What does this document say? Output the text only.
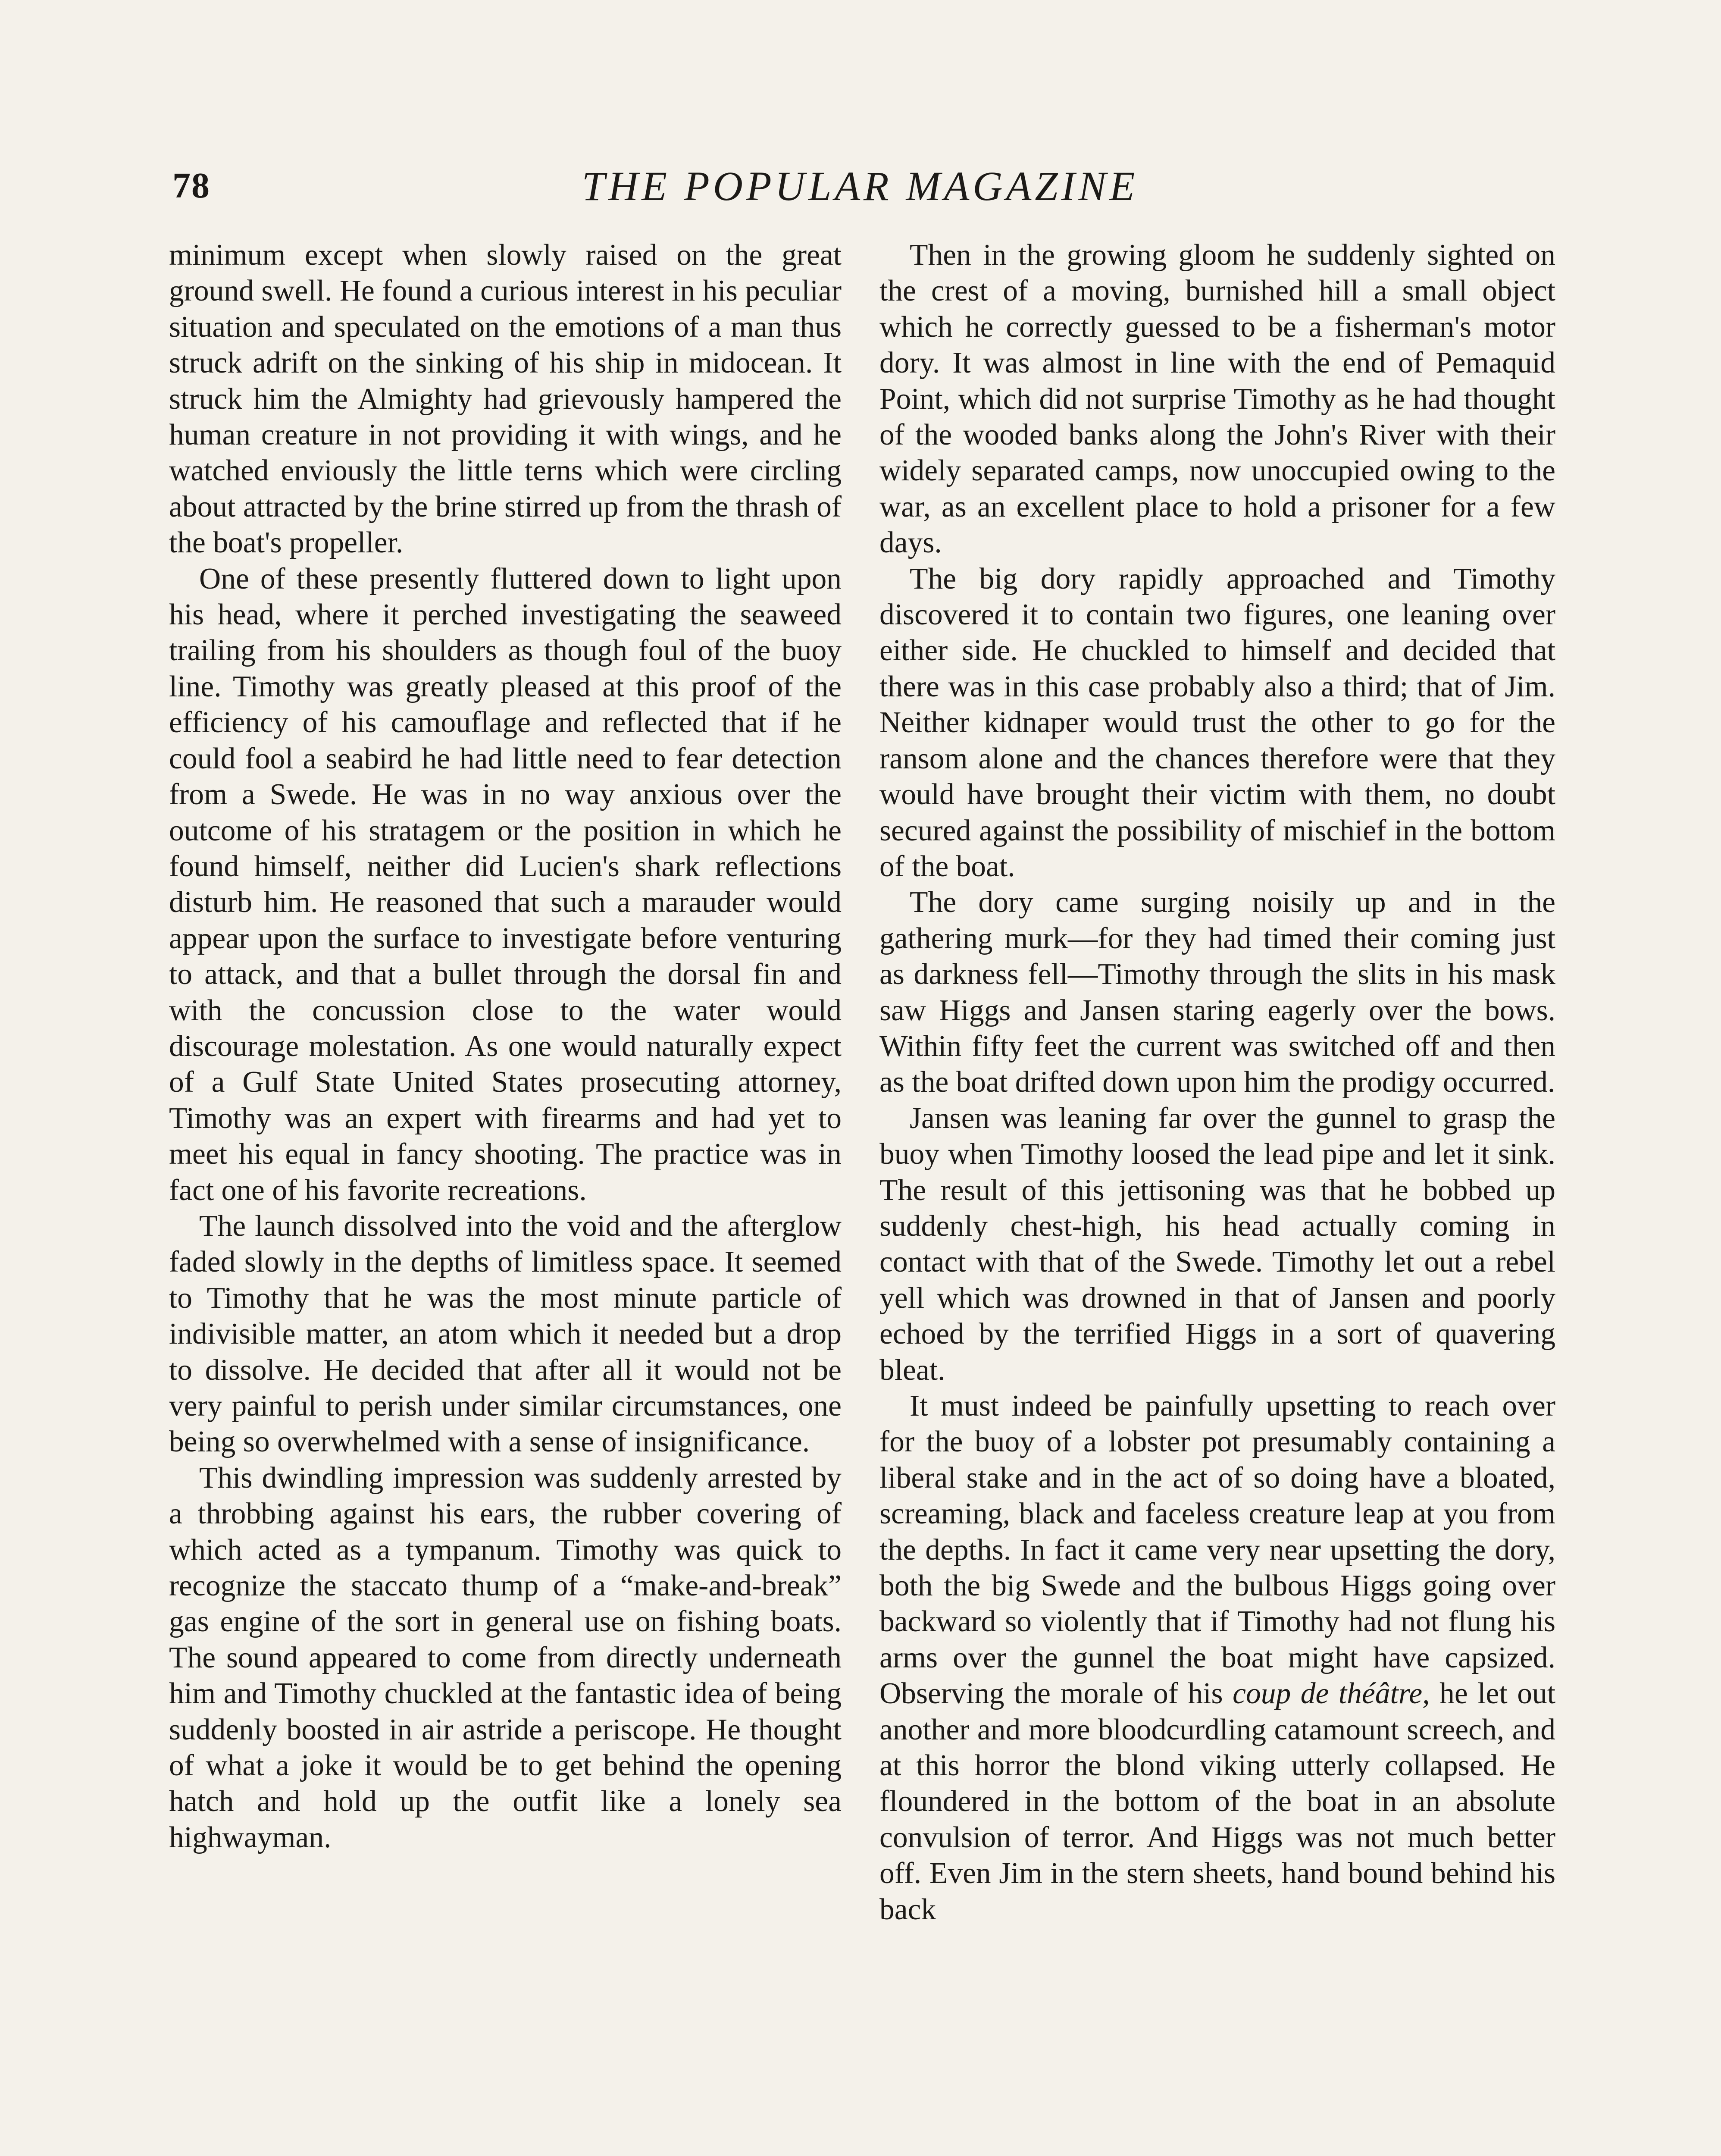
78	THE POPULAR MAGAZINE

minimum except when slowly raised on the great ground swell. He found a curious interest in his peculiar situation and speculated on the emotions of a man thus struck adrift on the sinking of his ship in midocean. It struck him the Almighty had grievously hampered the human creature in not providing it with wings, and he watched enviously the little terns which were circling about attracted by the brine stirred up from the thrash of the boat's propeller.

One of these presently fluttered down to light upon his head, where it perched investigating the seaweed trailing from his shoulders as though foul of the buoy line. Timothy was greatly pleased at this proof of the efficiency of his camouflage and reflected that if he could fool a seabird he had little need to fear detection from a Swede. He was in no way anxious over the outcome of his stratagem or the position in which he found himself, neither did Lucien's shark reflections disturb him. He reasoned that such a marauder would appear upon the surface to investigate before venturing to attack, and that a bullet through the dorsal fin and with the concussion close to the water would discourage molestation. As one would naturally expect of a Gulf State United States prosecuting attorney, Timothy was an expert with firearms and had yet to meet his equal in fancy shooting. The practice was in fact one of his favorite recreations.

The launch dissolved into the void and the afterglow faded slowly in the depths of limitless space. It seemed to Timothy that he was the most minute particle of indivisible matter, an atom which it needed but a drop to dissolve. He decided that after all it would not be very painful to perish under similar circumstances, one being so overwhelmed with a sense of insignificance.

This dwindling impression was suddenly arrested by a throbbing against his ears, the rubber covering of which acted as a tympanum. Timothy was quick to recognize the staccato thump of a “make-and-break” gas engine of the sort in general use on fishing boats. The sound appeared to come from directly underneath him and Timothy chuckled at the fantastic idea of being suddenly boosted in air astride a periscope. He thought of what a joke it would be to get behind the opening hatch and hold up the outfit like a lonely sea highwayman.

Then in the growing gloom he suddenly sighted on the crest of a moving, burnished hill a small object which he correctly guessed to be a fisherman's motor dory. It was almost in line with the end of Pemaquid Point, which did not surprise Timothy as he had thought of the wooded banks along the John's River with their widely separated camps, now unoccupied owing to the war, as an excellent place to hold a prisoner for a few days.

The big dory rapidly approached and Timothy discovered it to contain two figures, one leaning over either side. He chuckled to himself and decided that there was in this case probably also a third; that of Jim. Neither kidnaper would trust the other to go for the ransom alone and the chances therefore were that they would have brought their victim with them, no doubt secured against the possibility of mischief in the bottom of the boat.

The dory came surging noisily up and in the gathering murk—for they had timed their coming just as darkness fell—Timothy through the slits in his mask saw Higgs and Jansen staring eagerly over the bows. Within fifty feet the current was switched off and then as the boat drifted down upon him the prodigy occurred.

Jansen was leaning far over the gunnel to grasp the buoy when Timothy loosed the lead pipe and let it sink. The result of this jettisoning was that he bobbed up suddenly chest-high, his head actually coming in contact with that of the Swede. Timothy let out a rebel yell which was drowned in that of Jansen and poorly echoed by the terrified Higgs in a sort of quavering bleat.

It must indeed be painfully upsetting to reach over for the buoy of a lobster pot presumably containing a liberal stake and in the act of so doing have a bloated, screaming, black and faceless creature leap at you from the depths. In fact it came very near upsetting the dory, both the big Swede and the bulbous Higgs going over backward so violently that if Timothy had not flung his arms over the gunnel the boat might have capsized. Observing the morale of his coup de théâtre, he let out another and more bloodcurdling catamount screech, and at this horror the blond viking utterly collapsed. He floundered in the bottom of the boat in an absolute convulsion of terror. And Higgs was not much better off. Even Jim in the stern sheets, hand bound behind his back
